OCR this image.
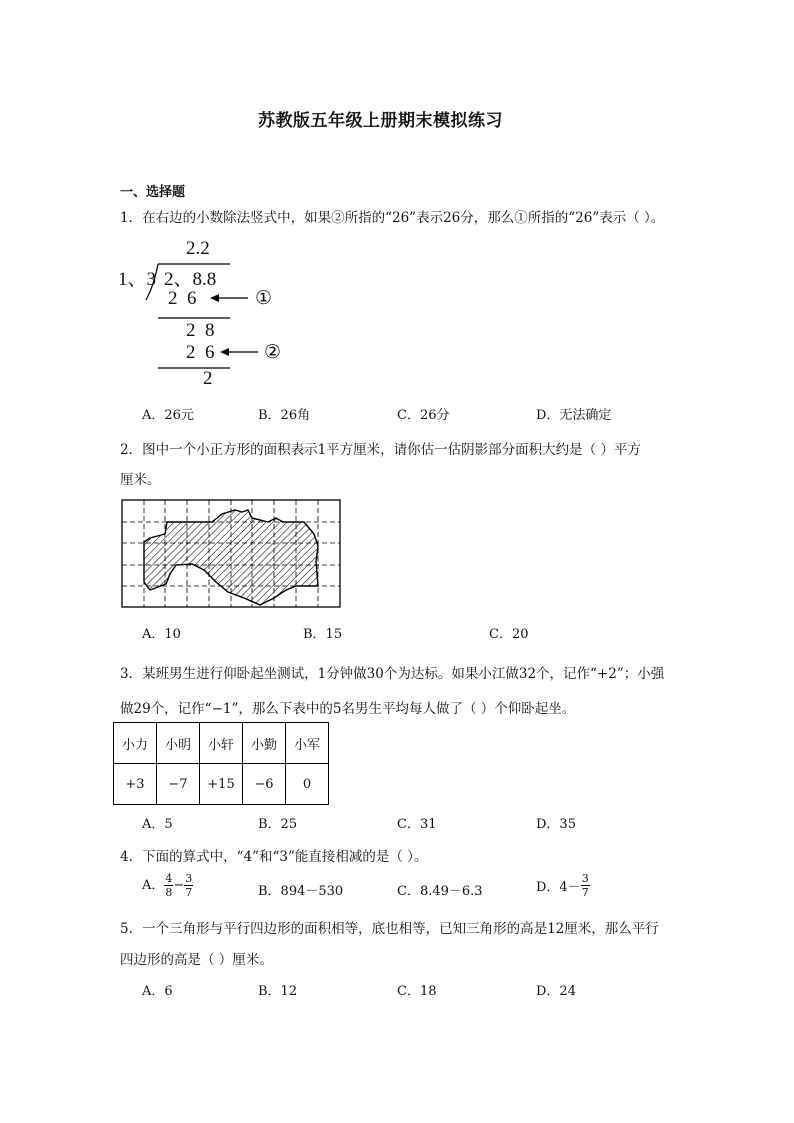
苏教版五年级上册期末模拟练习
一、选择题
1．在右边的小数除法竖式中，如果②所指的“26”表示26分，那么①所指的“26”表示（ ）。
2.2
1、3 2、8.8
2  6
2  8
2  6
2
①
②
A．26元	B．26角	C．26分	D．无法确定
2．图中一个小正方形的面积表示1平方厘米，请你估一估阴影部分面积大约是（ ）平方
厘米。
A．10	B．15	C．20
3．某班男生进行仰卧起坐测试，1分钟做30个为达标。如果小江做32个，记作“+2”；小强
做29个，记作“−1”，那么下表中的5名男生平均每人做了（ ）个仰卧起坐。
小力	小明	小轩	小勤	小军
+3	−7	+15	−6	0
A．5	B．25	C．31	D．35
4．下面的算式中，“4”和“3”能直接相减的是（ ）。
A． $\frac{4}{8} - \frac{3}{7}$	B．894－530	C．8.49－6.3	D．$4- \frac{3}{7}$
5．一个三角形与平行四边形的面积相等，底也相等，已知三角形的高是12厘米，那么平行
四边形的高是（ ）厘米。
A．6	B．12	C．18	D．24
